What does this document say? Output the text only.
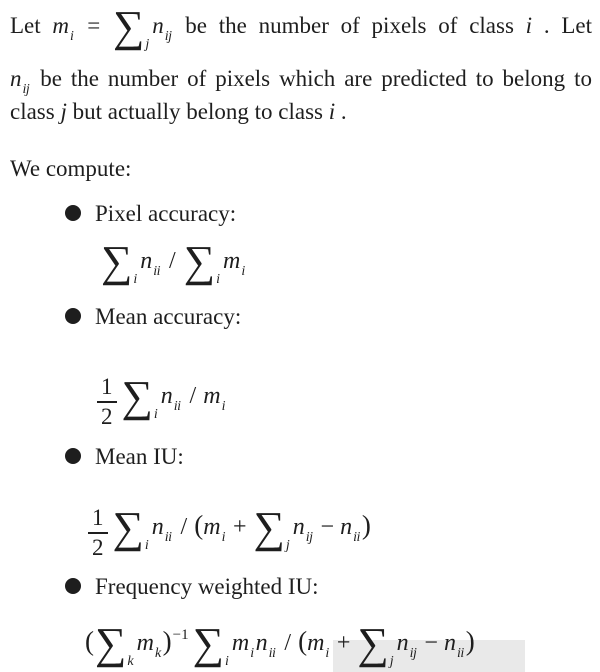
Let $m_i = \sum_jn_{ij}$ be the number of pixels of class i . Let
$n_{ij}$ be the number of pixels which are predicted to belong to
class j but actually belong to class i .
We compute:
Pixel accuracy:
$\sum_in_{ii} / \sum_im_i$
Mean accuracy:
$\frac{1}{2} \sum_in_{ii} / m_i$
Mean IU:
$\frac{1}{2} \sum_in_{ii} / (m_i + \sum_jn_{ij} - n_{ii})$
Frequency weighted IU:
$(\sum_km_k)^{-1}\sum_im_in_{ii} / (m_i + \sum_jn_{ij} - n_{ii})$
